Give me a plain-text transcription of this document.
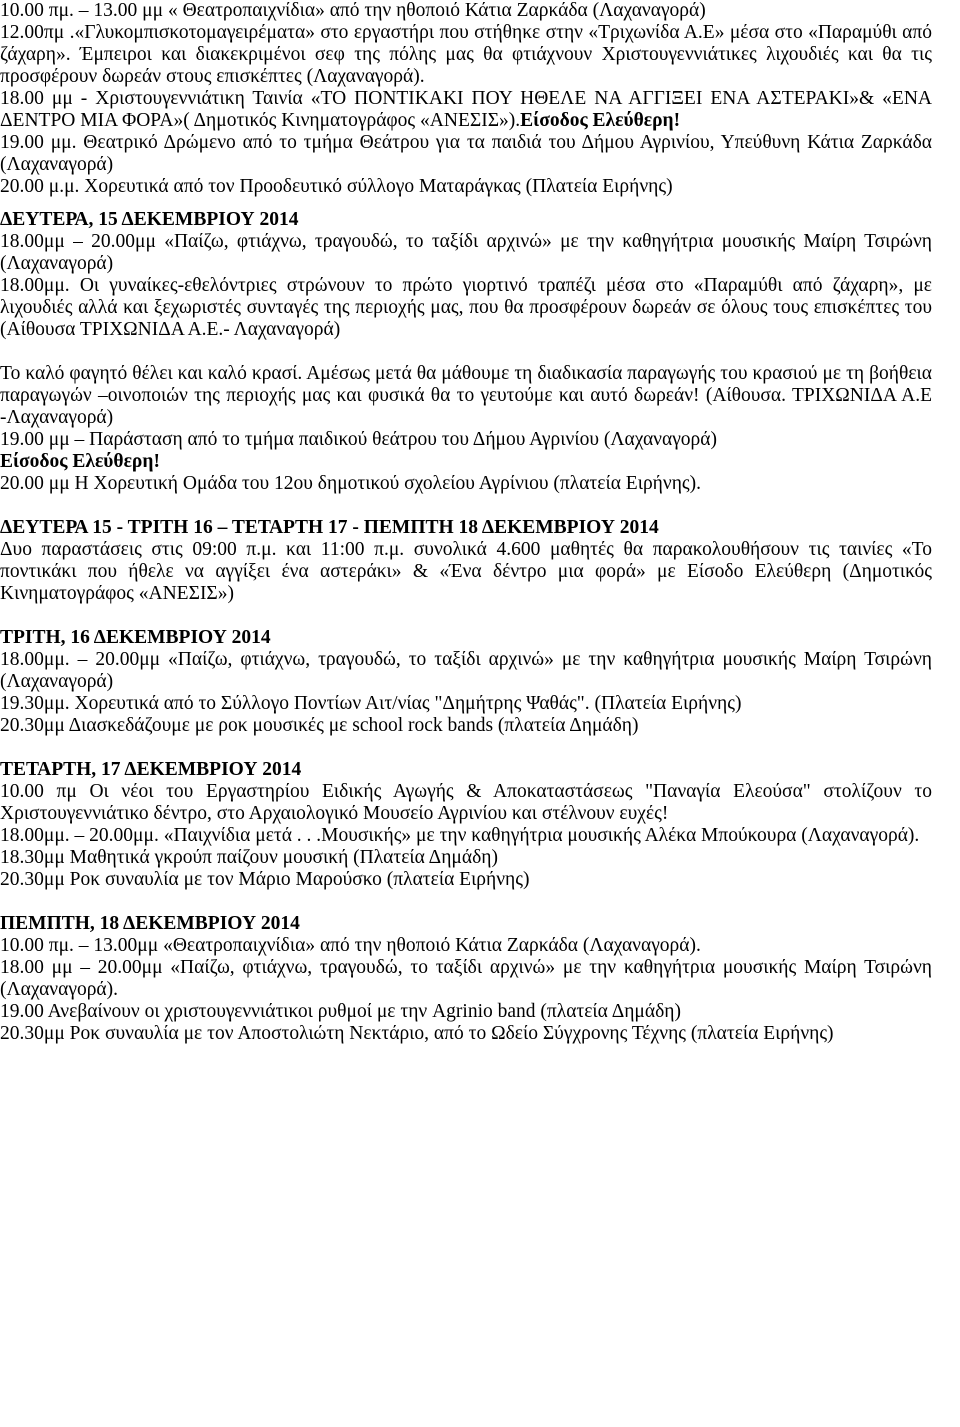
10.00 πμ. – 13.00 μμ « Θεατροπαιχνίδια» από την ηθοποιό Κάτια Ζαρκάδα (Λαχαναγορά)

12.00πμ .«Γλυκομπισκοτομαγειρέματα» στο εργαστήρι που στήθηκε στην «Τριχωνίδα Α.Ε» μέσα στο «Παραμύθι από ζάχαρη». Έμπειροι και διακεκριμένοι σεφ της πόλης μας θα φτιάχνουν Χριστουγεννιάτικες λιχουδιές και θα τις προσφέρουν δωρεάν στους επισκέπτες (Λαχαναγορά).

18.00 μμ - Χριστουγεννιάτικη Ταινία «ΤΟ ΠΟΝΤΙΚΑΚΙ ΠΟΥ ΗΘΕΛΕ ΝΑ ΑΓΓΙΞΕΙ ΕΝΑ ΑΣΤΕΡΑΚΙ»& «ΕΝΑ ΔΕΝΤΡΟ ΜΙΑ ΦΟΡΑ»( Δημοτικός Κινηματογράφος «ΑΝΕΣΙΣ»).Είσοδος Ελεύθερη!

19.00 μμ. Θεατρικό Δρώμενο από το τμήμα Θεάτρου για τα παιδιά του Δήμου Αγρινίου, Υπεύθυνη Κάτια Ζαρκάδα (Λαχαναγορά)

20.00 μ.μ. Χορευτικά από τον Προοδευτικό σύλλογο Ματαράγκας (Πλατεία Ειρήνης)

ΔΕΥΤΕΡΑ, 15 ΔΕΚΕΜΒΡΙΟΥ 2014

18.00μμ – 20.00μμ «Παίζω, φτιάχνω, τραγουδώ, το ταξίδι αρχινώ» με την καθηγήτρια μουσικής Μαίρη Τσιρώνη (Λαχαναγορά)

18.00μμ. Οι γυναίκες-εθελόντριες στρώνουν το πρώτο γιορτινό τραπέζι μέσα στο «Παραμύθι από ζάχαρη», με λιχουδιές αλλά και ξεχωριστές συνταγές της περιοχής μας, που θα προσφέρουν δωρεάν σε όλους τους επισκέπτες του (Αίθουσα ΤΡΙΧΩΝΙΔΑ Α.Ε.- Λαχαναγορά)

Το καλό φαγητό θέλει και καλό κρασί. Αμέσως μετά θα μάθουμε τη διαδικασία παραγωγής του κρασιού με τη βοήθεια παραγωγών –οινοποιών της περιοχής μας και φυσικά θα το γευτούμε και αυτό δωρεάν! (Αίθουσα. ΤΡΙΧΩΝΙΔΑ Α.Ε -Λαχαναγορά)

19.00 μμ – Παράσταση από το τμήμα παιδικού θεάτρου του Δήμου Αγρινίου (Λαχαναγορά)

Είσοδος Ελεύθερη!

20.00 μμ Η Χορευτική Ομάδα του 12ου δημοτικού σχολείου Αγρίνιου (πλατεία Ειρήνης).

ΔΕΥΤΕΡΑ 15 - ΤΡΙΤΗ 16 – ΤΕΤΑΡΤΗ 17 - ΠΕΜΠΤΗ 18 ΔΕΚΕΜΒΡΙΟΥ 2014

Δυο παραστάσεις στις 09:00 π.μ. και 11:00 π.μ. συνολικά 4.600 μαθητές θα παρακολουθήσουν τις ταινίες «Το ποντικάκι που ήθελε να αγγίξει ένα αστεράκι» & «Ένα δέντρο μια φορά» με Είσοδο Ελεύθερη (Δημοτικός Κινηματογράφος «ΑΝΕΣΙΣ»)

ΤΡΙΤΗ, 16 ΔΕΚΕΜΒΡΙΟΥ 2014

18.00μμ. – 20.00μμ «Παίζω, φτιάχνω, τραγουδώ, το ταξίδι αρχινώ» με την καθηγήτρια μουσικής Μαίρη Τσιρώνη (Λαχαναγορά)

19.30μμ. Χορευτικά από το Σύλλογο Ποντίων Αιτ/νίας "Δημήτρης Ψαθάς". (Πλατεία Ειρήνης)

20.30μμ Διασκεδάζουμε με ροκ μουσικές με school rock bands (πλατεία Δημάδη)

ΤΕΤΑΡΤΗ, 17 ΔΕΚΕΜΒΡΙΟΥ 2014

10.00 πμ Οι νέοι του Εργαστηρίου Ειδικής Αγωγής & Αποκαταστάσεως "Παναγία Ελεούσα" στολίζουν το Χριστουγεννιάτικο δέντρο, στο Αρχαιολογικό Μουσείο Αγρινίου και στέλνουν ευχές!

18.00μμ. – 20.00μμ. «Παιχνίδια μετά . . .Μουσικής» με την καθηγήτρια μουσικής Αλέκα Μπούκουρα (Λαχαναγορά).

18.30μμ Μαθητικά γκρούπ παίζουν μουσική (Πλατεία Δημάδη)

20.30μμ Ροκ συναυλία με τον Μάριο Μαρούσκο (πλατεία Ειρήνης)

ΠΕΜΠΤΗ, 18 ΔΕΚΕΜΒΡΙΟΥ 2014

10.00 πμ. – 13.00μμ «Θεατροπαιχνίδια» από την ηθοποιό Κάτια Ζαρκάδα (Λαχαναγορά).

18.00 μμ – 20.00μμ «Παίζω, φτιάχνω, τραγουδώ, το ταξίδι αρχινώ» με την καθηγήτρια μουσικής Μαίρη Τσιρώνη (Λαχαναγορά).

19.00 Ανεβαίνουν οι χριστουγεννιάτικοι ρυθμοί με την Agrinio band (πλατεία Δημάδη)

20.30μμ Ροκ συναυλία με τον Αποστολιώτη Νεκτάριο, από το Ωδείο Σύγχρονης Τέχνης (πλατεία Ειρήνης)
